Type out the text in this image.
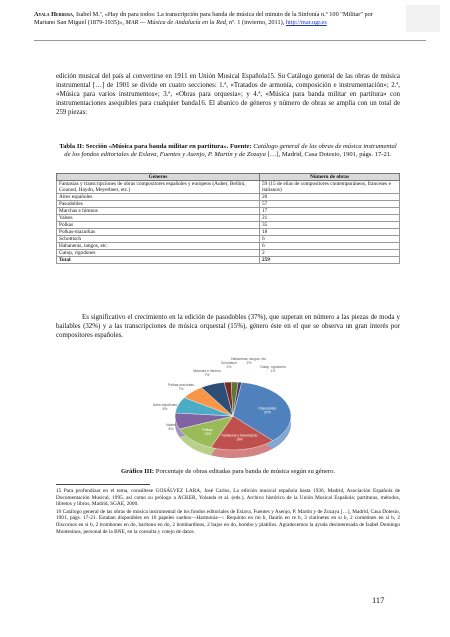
Ayala Herrera, Isabel M.ª, «Hay dn para todos: La transcripción para banda de música del minuto de la Sinfonía n.º 100 "Militar" por Mariano San Miguel (1879-1935)», MAR — Música de Andalucía en la Red, nº. 1 (invierno, 2011), http://mar.ugr.es
edición musical del país al convertirse en 1911 en Unión Musical Española15. Su Catálogo general de las obras de música instrumental […] de 1901 se divide en cuatro secciones: 1.ª, «Tratados de armonía, composición e instrumentación»; 2.ª, «Música para varios instrumentos»; 3.ª, «Obras para orquesta»; y 4.ª, «Música para banda militar en partitura» con instrumentaciones asequibles para cualquier banda16. El abanico de géneros y número de obras se amplía con un total de 259 piezas:
Tabla II: Sección «Música para banda militar en partitura». Fuente: Catálogo general de las obras de música instrumental de los fondos editoriales de Eslava, Fuentes y Asenjo, P. Martín y de Zozaya […], Madrid, Casa Dotesio, 1901, págs. 17-21.
Géneros	Número de obras
Fantasías y transcripciones de obras compositores españoles y europeos (Auber, Bellini, Gounod, Haydn, Meyerbeer, etc.)	59 (15 de ellas de compositores contemporáneos, franceses e italianos)
Aires españoles	20
Pasodobles	57
Marchas e himnos	17
Valses	21
Polkas	35
Polkas-mazurkas	18
Schottisch	6
Habaneras, tangos, etc.	6
Galop, rigodones	2
Total	259
Es significativo el crecimiento en la edición de pasodobles (37%), que superan en número a las piezas de moda y bailables (32%) y a las transcripciones de música orquestal (15%), género éste en el que se observa un gran interés por compositores españoles.
Pasodobles 37%
Fantasías y transcripcio 19%
Polkas 13%
Valses 8%
Aires españoles 8%
Polkas-mazurkas 7%
Marchas e himnos 7%
Schottisch 2%
Habaneras, tangos, etc. 2%
Galop, rigodones 1%
Gráfico III: Porcentaje de obras editadas para banda de música según su género.

15 Para profundizar en el tema, consúltese GOSÁLVEZ LARA, José Carlos, La edición musical española hasta 1936, Madrid, Asociación Española de Documentación Musical, 1995, así como su prólogo a ACKER, Yolanda et al. (eds.), Archivo histórico de la Unión Musical Española: partituras, métodos, libretos y libros, Madrid, SGAE, 2000.

16 Catálogo general de las obras de música instrumental de los fondos editoriales de Eslava, Fuentes y Asenjo, P. Martín y de Zozaya […], Madrid, Casa Dotesio, 1901, págs. 17-21. Estaban disponibles en 16 papeles sueltos—Harmonía—: Requinto en mi b, flautín en re b, 3 clarinetes en si b, 2 cornetines en si b, 2 fliscornos en si b, 2 trombones en do, barítono en do, 2 bombardinos, 2 bajos en do, bombo y platillos. Agradecemos la ayuda desinteresada de Isabel Domingo Montesinos, personal de la BNE, en la consulta y cotejo de datos.

117
